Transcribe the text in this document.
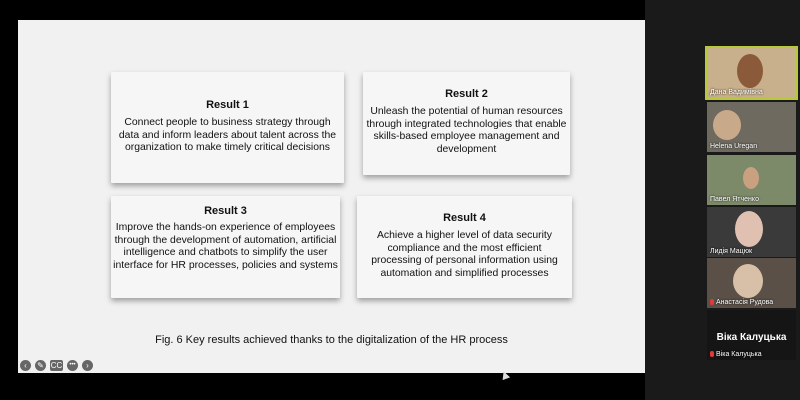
Result 1
Connect people to business strategy through data and inform leaders about talent across the organization to make timely critical decisions
Result 2
Unleash the potential of human resources through integrated technologies that enable skills-based employee management and development
Result 3
Improve the hands-on experience of employees through the development of automation, artificial intelligence and chatbots to simplify the user interface for HR processes, policies and systems
Result 4
Achieve a higher level of data security compliance and the most efficient processing of personal information using automation and simplified processes
Fig. 6 Key results achieved thanks to the digitalization of the HR process
‹	✎ CC	•••	›
Дана Вадимівна
Helena Uregan
Павел Ятченко
Лидія Мацюк
Анастасія Рудова
Віка Калуцька
Віка Калуцька
